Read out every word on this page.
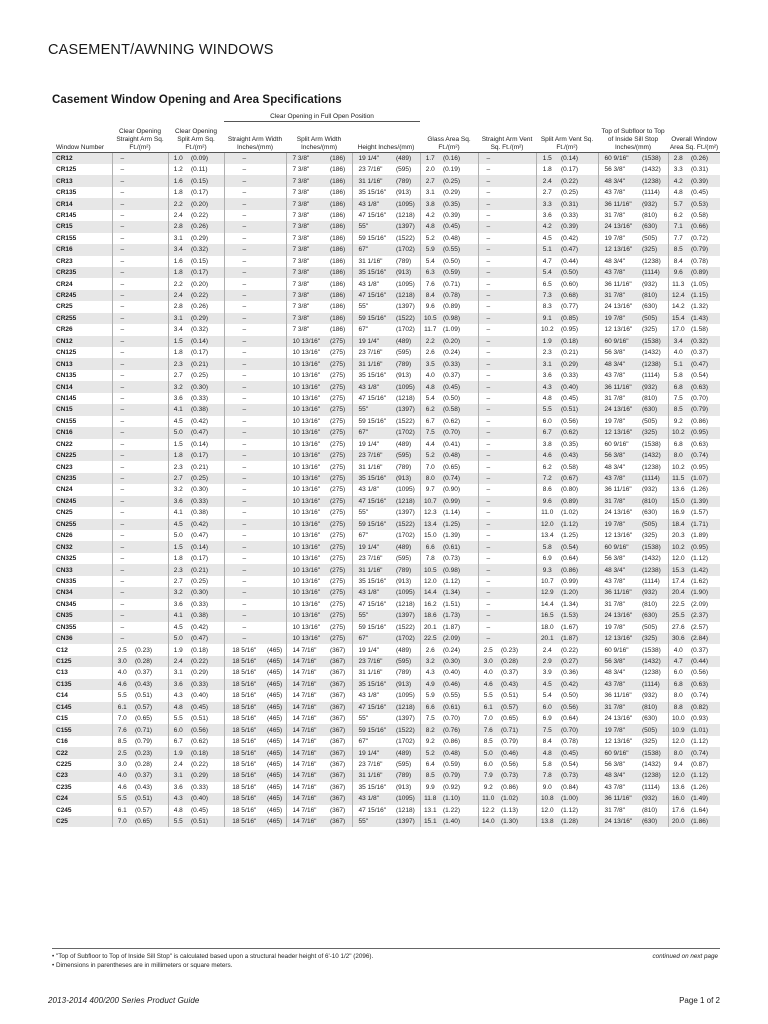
CASEMENT/AWNING WINDOWS
Casement Window Opening and Area Specifications
					Clear Opening in Full Open Position															
Window Number	Clear Opening Straight Arm Sq. Ft./(m²)		Clear Opening Split Arm Sq. Ft./(m²)		Straight Arm Width Inches/(mm)		Split Arm Width Inches/(mm)		Height Inches/(mm)		Glass Area Sq. Ft./(m²)		Straight Arm Vent Sq. Ft./(m²)		Split Arm Vent Sq. Ft./(m²)		Top of Subfloor to Top of Inside Sill Stop Inches/(mm)		Overall Window Area Sq. Ft./(m²)	
CR12	–		1.0	(0.09)	–		7 3/8"	(186)	19 1/4"	(489)	1.7	(0.16)	–		1.5	(0.14)	60 9/16"	(1538)	2.8	(0.26)
CR125	–		1.2	(0.11)	–		7 3/8"	(186)	23 7/16"	(595)	2.0	(0.19)	–		1.8	(0.17)	56 3/8"	(1432)	3.3	(0.31)
CR13	–		1.6	(0.15)	–		7 3/8"	(186)	31 1/16"	(789)	2.7	(0.25)	–		2.4	(0.22)	48 3/4"	(1238)	4.2	(0.39)
CR135	–		1.8	(0.17)	–		7 3/8"	(186)	35 15/16"	(913)	3.1	(0.29)	–		2.7	(0.25)	43 7/8"	(1114)	4.8	(0.45)
CR14	–		2.2	(0.20)	–		7 3/8"	(186)	43 1/8"	(1095)	3.8	(0.35)	–		3.3	(0.31)	36 11/16"	(932)	5.7	(0.53)
CR145	–		2.4	(0.22)	–		7 3/8"	(186)	47 15/16"	(1218)	4.2	(0.39)	–		3.6	(0.33)	31 7/8"	(810)	6.2	(0.58)
CR15	–		2.8	(0.26)	–		7 3/8"	(186)	55"	(1397)	4.8	(0.45)	–		4.2	(0.39)	24 13/16"	(630)	7.1	(0.66)
CR155	–		3.1	(0.29)	–		7 3/8"	(186)	59 15/16"	(1522)	5.2	(0.48)	–		4.5	(0.42)	19 7/8"	(505)	7.7	(0.72)
CR16	–		3.4	(0.32)	–		7 3/8"	(186)	67"	(1702)	5.9	(0.55)	–		5.1	(0.47)	12 13/16"	(325)	8.5	(0.79)
CR23	–		1.6	(0.15)	–		7 3/8"	(186)	31 1/16"	(789)	5.4	(0.50)	–		4.7	(0.44)	48 3/4"	(1238)	8.4	(0.78)
CR235	–		1.8	(0.17)	–		7 3/8"	(186)	35 15/16"	(913)	6.3	(0.59)	–		5.4	(0.50)	43 7/8"	(1114)	9.6	(0.89)
CR24	–		2.2	(0.20)	–		7 3/8"	(186)	43 1/8"	(1095)	7.6	(0.71)	–		6.5	(0.60)	36 11/16"	(932)	11.3	(1.05)
CR245	–		2.4	(0.22)	–		7 3/8"	(186)	47 15/16"	(1218)	8.4	(0.78)	–		7.3	(0.68)	31 7/8"	(810)	12.4	(1.15)
CR25	–		2.8	(0.26)	–		7 3/8"	(186)	55"	(1397)	9.6	(0.89)	–		8.3	(0.77)	24 13/16"	(630)	14.2	(1.32)
CR255	–		3.1	(0.29)	–		7 3/8"	(186)	59 15/16"	(1522)	10.5	(0.98)	–		9.1	(0.85)	19 7/8"	(505)	15.4	(1.43)
CR26	–		3.4	(0.32)	–		7 3/8"	(186)	67"	(1702)	11.7	(1.09)	–		10.2	(0.95)	12 13/16"	(325)	17.0	(1.58)
CN12	–		1.5	(0.14)	–		10 13/16"	(275)	19 1/4"	(489)	2.2	(0.20)	–		1.9	(0.18)	60 9/16"	(1538)	3.4	(0.32)
CN125	–		1.8	(0.17)	–		10 13/16"	(275)	23 7/16"	(595)	2.6	(0.24)	–		2.3	(0.21)	56 3/8"	(1432)	4.0	(0.37)
CN13	–		2.3	(0.21)	–		10 13/16"	(275)	31 1/16"	(789)	3.5	(0.33)	–		3.1	(0.29)	48 3/4"	(1238)	5.1	(0.47)
CN135	–		2.7	(0.25)	–		10 13/16"	(275)	35 15/16"	(913)	4.0	(0.37)	–		3.6	(0.33)	43 7/8"	(1114)	5.8	(0.54)
CN14	–		3.2	(0.30)	–		10 13/16"	(275)	43 1/8"	(1095)	4.8	(0.45)	–		4.3	(0.40)	36 11/16"	(932)	6.8	(0.63)
CN145	–		3.6	(0.33)	–		10 13/16"	(275)	47 15/16"	(1218)	5.4	(0.50)	–		4.8	(0.45)	31 7/8"	(810)	7.5	(0.70)
CN15	–		4.1	(0.38)	–		10 13/16"	(275)	55"	(1397)	6.2	(0.58)	–		5.5	(0.51)	24 13/16"	(630)	8.5	(0.79)
CN155	–		4.5	(0.42)	–		10 13/16"	(275)	59 15/16"	(1522)	6.7	(0.62)	–		6.0	(0.56)	19 7/8"	(505)	9.2	(0.86)
CN16	–		5.0	(0.47)	–		10 13/16"	(275)	67"	(1702)	7.5	(0.70)	–		6.7	(0.62)	12 13/16"	(325)	10.2	(0.95)
CN22	–		1.5	(0.14)	–		10 13/16"	(275)	19 1/4"	(489)	4.4	(0.41)	–		3.8	(0.35)	60 9/16"	(1538)	6.8	(0.63)
CN225	–		1.8	(0.17)	–		10 13/16"	(275)	23 7/16"	(595)	5.2	(0.48)	–		4.6	(0.43)	56 3/8"	(1432)	8.0	(0.74)
CN23	–		2.3	(0.21)	–		10 13/16"	(275)	31 1/16"	(789)	7.0	(0.65)	–		6.2	(0.58)	48 3/4"	(1238)	10.2	(0.95)
CN235	–		2.7	(0.25)	–		10 13/16"	(275)	35 15/16"	(913)	8.0	(0.74)	–		7.2	(0.67)	43 7/8"	(1114)	11.5	(1.07)
CN24	–		3.2	(0.30)	–		10 13/16"	(275)	43 1/8"	(1095)	9.7	(0.90)	–		8.6	(0.80)	36 11/16"	(932)	13.6	(1.26)
CN245	–		3.6	(0.33)	–		10 13/16"	(275)	47 15/16"	(1218)	10.7	(0.99)	–		9.6	(0.89)	31 7/8"	(810)	15.0	(1.39)
CN25	–		4.1	(0.38)	–		10 13/16"	(275)	55"	(1397)	12.3	(1.14)	–		11.0	(1.02)	24 13/16"	(630)	16.9	(1.57)
CN255	–		4.5	(0.42)	–		10 13/16"	(275)	59 15/16"	(1522)	13.4	(1.25)	–		12.0	(1.12)	19 7/8"	(505)	18.4	(1.71)
CN26	–		5.0	(0.47)	–		10 13/16"	(275)	67"	(1702)	15.0	(1.39)	–		13.4	(1.25)	12 13/16"	(325)	20.3	(1.89)
CN32	–		1.5	(0.14)	–		10 13/16"	(275)	19 1/4"	(489)	6.6	(0.61)	–		5.8	(0.54)	60 9/16"	(1538)	10.2	(0.95)
CN325	–		1.8	(0.17)	–		10 13/16"	(275)	23 7/16"	(595)	7.8	(0.73)	–		6.9	(0.64)	56 3/8"	(1432)	12.0	(1.12)
CN33	–		2.3	(0.21)	–		10 13/16"	(275)	31 1/16"	(789)	10.5	(0.98)	–		9.3	(0.86)	48 3/4"	(1238)	15.3	(1.42)
CN335	–		2.7	(0.25)	–		10 13/16"	(275)	35 15/16"	(913)	12.0	(1.12)	–		10.7	(0.99)	43 7/8"	(1114)	17.4	(1.62)
CN34	–		3.2	(0.30)	–		10 13/16"	(275)	43 1/8"	(1095)	14.4	(1.34)	–		12.9	(1.20)	36 11/16"	(932)	20.4	(1.90)
CN345	–		3.6	(0.33)	–		10 13/16"	(275)	47 15/16"	(1218)	16.2	(1.51)	–		14.4	(1.34)	31 7/8"	(810)	22.5	(2.09)
CN35	–		4.1	(0.38)	–		10 13/16"	(275)	55"	(1397)	18.6	(1.73)	–		16.5	(1.53)	24 13/16"	(630)	25.5	(2.37)
CN355	–		4.5	(0.42)	–		10 13/16"	(275)	59 15/16"	(1522)	20.1	(1.87)	–		18.0	(1.67)	19 7/8"	(505)	27.6	(2.57)
CN36	–		5.0	(0.47)	–		10 13/16"	(275)	67"	(1702)	22.5	(2.09)	–		20.1	(1.87)	12 13/16"	(325)	30.6	(2.84)
C12	2.5	(0.23)	1.9	(0.18)	18 5/16"	(465)	14 7/16"	(367)	19 1/4"	(489)	2.6	(0.24)	2.5	(0.23)	2.4	(0.22)	60 9/16"	(1538)	4.0	(0.37)
C125	3.0	(0.28)	2.4	(0.22)	18 5/16"	(465)	14 7/16"	(367)	23 7/16"	(595)	3.2	(0.30)	3.0	(0.28)	2.9	(0.27)	56 3/8"	(1432)	4.7	(0.44)
C13	4.0	(0.37)	3.1	(0.29)	18 5/16"	(465)	14 7/16"	(367)	31 1/16"	(789)	4.3	(0.40)	4.0	(0.37)	3.9	(0.36)	48 3/4"	(1238)	6.0	(0.56)
C135	4.6	(0.43)	3.6	(0.33)	18 5/16"	(465)	14 7/16"	(367)	35 15/16"	(913)	4.9	(0.46)	4.6	(0.43)	4.5	(0.42)	43 7/8"	(1114)	6.8	(0.63)
C14	5.5	(0.51)	4.3	(0.40)	18 5/16"	(465)	14 7/16"	(367)	43 1/8"	(1095)	5.9	(0.55)	5.5	(0.51)	5.4	(0.50)	36 11/16"	(932)	8.0	(0.74)
C145	6.1	(0.57)	4.8	(0.45)	18 5/16"	(465)	14 7/16"	(367)	47 15/16"	(1218)	6.6	(0.61)	6.1	(0.57)	6.0	(0.56)	31 7/8"	(810)	8.8	(0.82)
C15	7.0	(0.65)	5.5	(0.51)	18 5/16"	(465)	14 7/16"	(367)	55"	(1397)	7.5	(0.70)	7.0	(0.65)	6.9	(0.64)	24 13/16"	(630)	10.0	(0.93)
C155	7.6	(0.71)	6.0	(0.56)	18 5/16"	(465)	14 7/16"	(367)	59 15/16"	(1522)	8.2	(0.76)	7.6	(0.71)	7.5	(0.70)	19 7/8"	(505)	10.9	(1.01)
C16	8.5	(0.79)	6.7	(0.62)	18 5/16"	(465)	14 7/16"	(367)	67"	(1702)	9.2	(0.86)	8.5	(0.79)	8.4	(0.78)	12 13/16"	(325)	12.0	(1.12)
C22	2.5	(0.23)	1.9	(0.18)	18 5/16"	(465)	14 7/16"	(367)	19 1/4"	(489)	5.2	(0.48)	5.0	(0.46)	4.8	(0.45)	60 9/16"	(1538)	8.0	(0.74)
C225	3.0	(0.28)	2.4	(0.22)	18 5/16"	(465)	14 7/16"	(367)	23 7/16"	(595)	6.4	(0.59)	6.0	(0.56)	5.8	(0.54)	56 3/8"	(1432)	9.4	(0.87)
C23	4.0	(0.37)	3.1	(0.29)	18 5/16"	(465)	14 7/16"	(367)	31 1/16"	(789)	8.5	(0.79)	7.9	(0.73)	7.8	(0.73)	48 3/4"	(1238)	12.0	(1.12)
C235	4.6	(0.43)	3.6	(0.33)	18 5/16"	(465)	14 7/16"	(367)	35 15/16"	(913)	9.9	(0.92)	9.2	(0.86)	9.0	(0.84)	43 7/8"	(1114)	13.6	(1.26)
C24	5.5	(0.51)	4.3	(0.40)	18 5/16"	(465)	14 7/16"	(367)	43 1/8"	(1095)	11.8	(1.10)	11.0	(1.02)	10.8	(1.00)	36 11/16"	(932)	16.0	(1.49)
C245	6.1	(0.57)	4.8	(0.45)	18 5/16"	(465)	14 7/16"	(367)	47 15/16"	(1218)	13.1	(1.22)	12.2	(1.13)	12.0	(1.12)	31 7/8"	(810)	17.6	(1.64)
C25	7.0	(0.65)	5.5	(0.51)	18 5/16"	(465)	14 7/16"	(367)	55"	(1397)	15.1	(1.40)	14.0	(1.30)	13.8	(1.28)	24 13/16"	(630)	20.0	(1.86)
• "Top of Subfloor to Top of Inside Sill Stop" is calculated based upon a structural header height of 6'-10 1/2" (2096).
• Dimensions in parentheses are in millimeters or square meters.
continued on next page
2013-2014 400/200 Series Product Guide	Page 1 of 2
